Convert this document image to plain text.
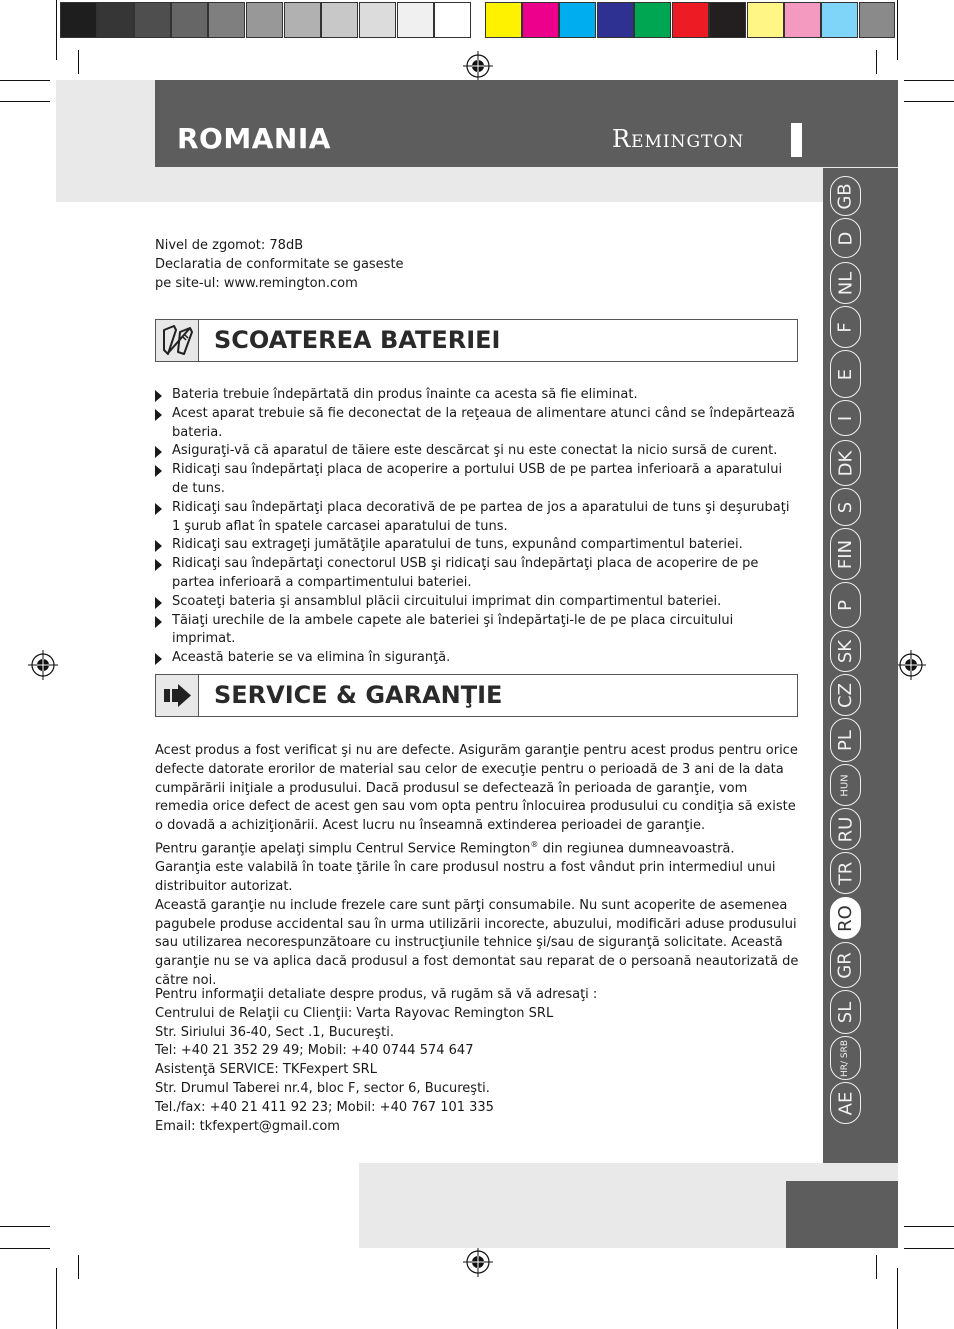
ROMANIA	Remington
GB
D
NL
F
E
I
DK
S
FIN
P
SK
CZ
PL
HUN
RU
TR
RO
GR
SL
HR/ SRB
AE
Nivel de zgomot: 78dB
Declaratia de conformitate se gaseste
pe site-ul: www.remington.com
SCOATEREA BATERIEI
Bateria trebuie îndepărtată din produs înainte ca acesta să fie eliminat.
Acest aparat trebuie să fie deconectat de la reţeaua de alimentare atunci când se îndepărtează bateria.
Asiguraţi-vă că aparatul de tăiere este descărcat şi nu este conectat la nicio sursă de curent.
Ridicaţi sau îndepărtaţi placa de acoperire a portului USB de pe partea inferioară a aparatului de tuns.
Ridicaţi sau îndepărtaţi placa decorativă de pe partea de jos a aparatului de tuns şi deşurubaţi 1 şurub aflat în spatele carcasei aparatului de tuns.
Ridicaţi sau extrageţi jumătăţile aparatului de tuns, expunând compartimentul bateriei.
Ridicaţi sau îndepărtaţi conectorul USB şi ridicaţi sau îndepărtaţi placa de acoperire de pe partea inferioară a compartimentului bateriei.
Scoateţi bateria şi ansamblul plăcii circuitului imprimat din compartimentul bateriei.
Tăiaţi urechile de la ambele capete ale bateriei şi îndepărtaţi-le de pe placa circuitului imprimat.
Această baterie se va elimina în siguranţă.
SERVICE & GARANŢIE

Acest produs a fost verificat şi nu are defecte. Asigurăm garanţie pentru acest produs pentru orice defecte datorate erorilor de material sau celor de execuţie pentru o perioadă de 3 ani de la data cumpărării iniţiale a produsului. Dacă produsul se defectează în perioada de garanţie, vom remedia orice defect de acest gen sau vom opta pentru înlocuirea produsului cu condiţia să existe o dovadă a achiziţionării. Acest lucru nu înseamnă extinderea perioadei de garanţie.

Pentru garanţie apelaţi simplu Centrul Service Remington® din regiunea dumneavoastră.

Garanţia este valabilă în toate ţările în care produsul nostru a fost vândut prin intermediul unui distribuitor autorizat.

Această garanţie nu include frezele care sunt părţi consumabile. Nu sunt acoperite de asemenea pagubele produse accidental sau în urma utilizării incorecte, abuzului, modificări aduse produsului sau utilizarea necorespunzătoare cu instrucţiunile tehnice şi/sau de siguranţă solicitate. Această garanţie nu se va aplica dacă produsul a fost demontat sau reparat de o persoană neautorizată de către noi.

Pentru informaţii detaliate despre produs, vă rugăm să vă adresaţi :

Centrului de Relaţii cu Clienţii: Varta Rayovac Remington SRL

Str. Siriului 36-40, Sect .1, Bucureşti.

Tel: +40 21 352 29 49; Mobil: +40 0744 574 647

Asistenţă SERVICE: TKFexpert SRL

Str. Drumul Taberei nr.4, bloc F, sector 6, Bucureşti.

Tel./fax: +40 21 411 92 23; Mobil: +40 767 101 335

Email: tkfexpert@gmail.com
